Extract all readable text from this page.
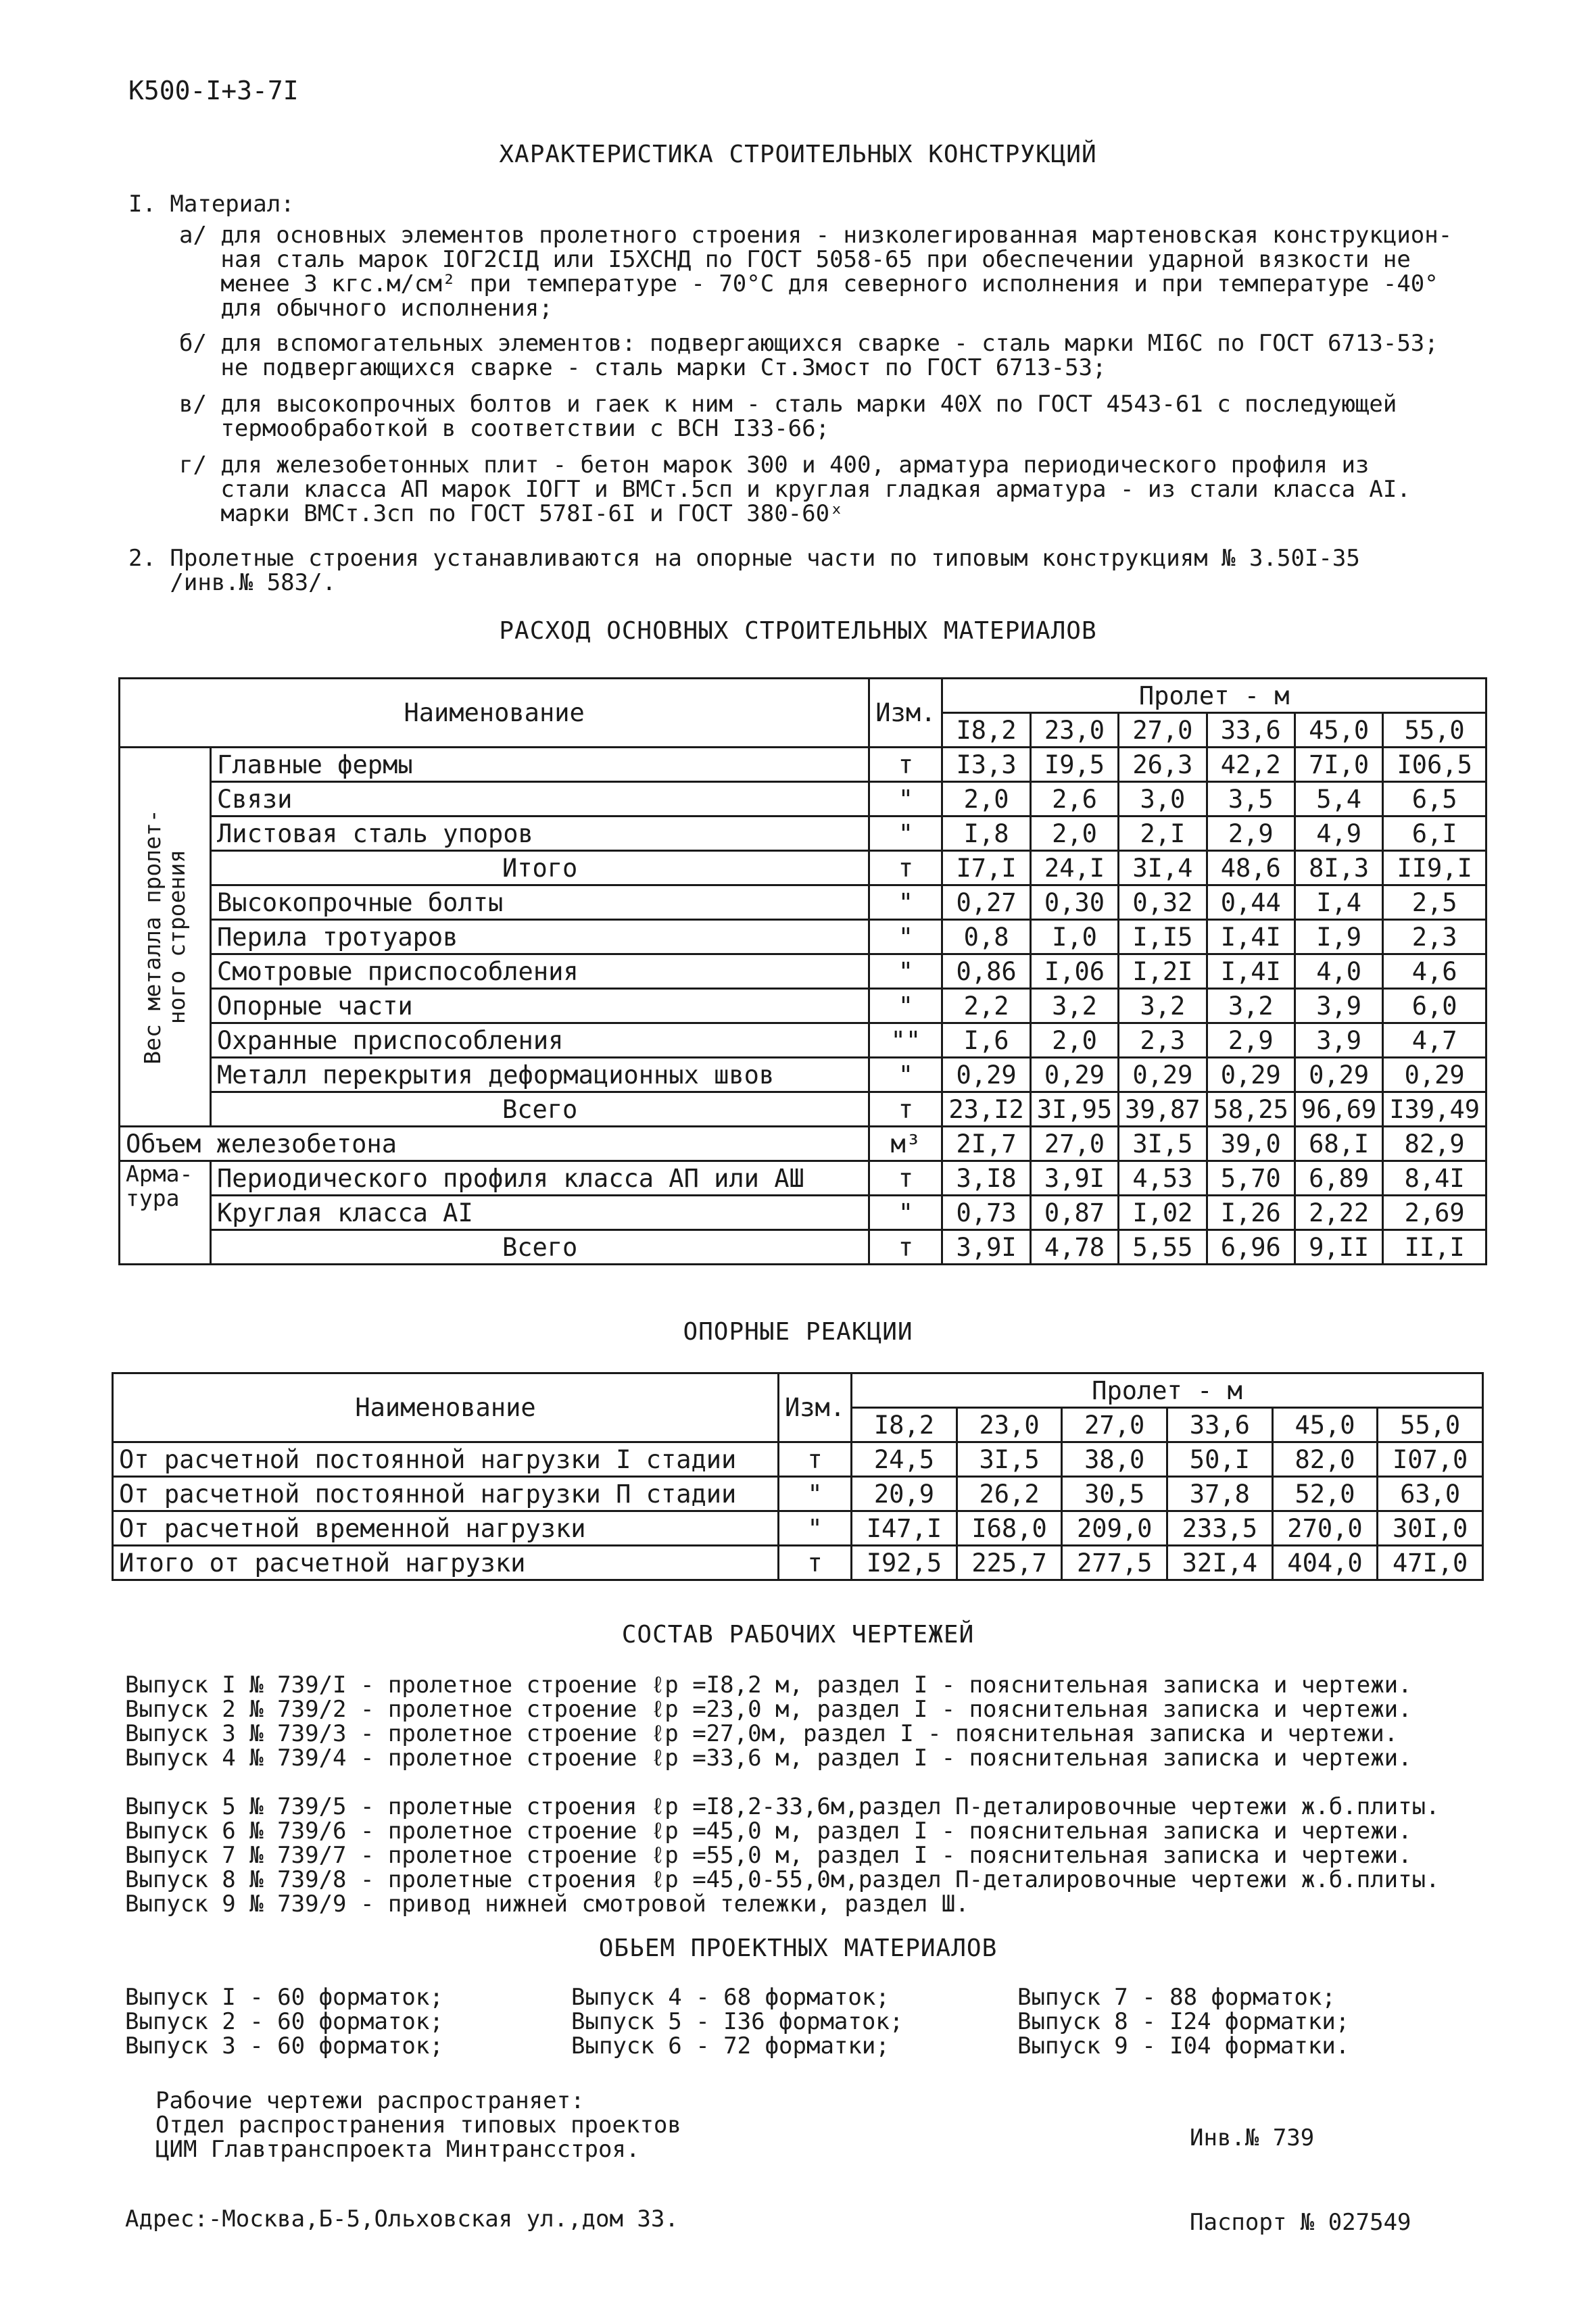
К500-I+3-7I
ХАРАКТЕРИСТИКА СТРОИТЕЛЬНЫХ КОНСТРУКЦИЙ
I. Материал:
а/ для основных элементов пролетного строения - низколегированная мартеновская конструкцион-
ная сталь марок IОГ2СIД или I5ХСНД по ГОСТ 5058-65 при обеспечении ударной вязкости не
менее 3 кгс.м/см² при температуре - 70°С для северного исполнения и при температуре -40°
для обычного исполнения;
б/ для вспомогательных элементов: подвергающихся сварке - сталь марки МI6С по ГОСТ 6713-53;
не подвергающихся сварке - сталь марки Ст.3мост по ГОСТ 6713-53;
в/ для высокопрочных болтов и гаек к ним - сталь марки 40Х по ГОСТ 4543-61 с последующей
термообработкой в соответствии с ВСН I33-66;
г/ для железобетонных плит - бетон марок 300 и 400, арматура периодического профиля из
стали класса АП марок IОГТ и ВМСт.5сп и круглая гладкая арматура - из стали класса АI.
марки ВМСт.3сп по ГОСТ 578I-6I и ГОСТ 380-60ˣ
2. Пролетные строения устанавливаются на опорные части по типовым конструкциям № 3.50I-35
/инв.№ 583/.
РАСХОД ОСНОВНЫХ СТРОИТЕЛЬНЫХ МАТЕРИАЛОВ
Наименование		Изм.	Пролет - м					
			I8,2	23,0	27,0	33,6	45,0	55,0

Вес металла пролет-
ного строения	Главные фермы	т	I3,3	I9,5	26,3	42,2	7I,0	I06,5
	Связи	"	2,0	2,6	3,0	3,5	5,4	6,5
	Листовая сталь упоров	"	I,8	2,0	2,I	2,9	4,9	6,I
	Итого	т	I7,I	24,I	3I,4	48,6	8I,3	II9,I
	Высокопрочные болты	"	0,27	0,30	0,32	0,44	I,4	2,5
	Перила тротуаров	"	0,8	I,0	I,I5	I,4I	I,9	2,3
	Смотровые приспособления	"	0,86	I,06	I,2I	I,4I	4,0	4,6
	Опорные части	"	2,2	3,2	3,2	3,2	3,9	6,0
	Охранные приспособления	""	I,6	2,0	2,3	2,9	3,9	4,7
	Металл перекрытия деформационных швов	"	0,29	0,29	0,29	0,29	0,29	0,29
	Всего	т	23,I2	3I,95	39,87	58,25	96,69	I39,49
Объем железобетона		м³	2I,7	27,0	3I,5	39,0	68,I	82,9
Арма-
тура	Периодического профиля класса АП или АШ	т	3,I8	3,9I	4,53	5,70	6,89	8,4I
	Круглая класса АI	"	0,73	0,87	I,02	I,26	2,22	2,69
	Всего	т	3,9I	4,78	5,55	6,96	9,II	II,I
ОПОРНЫЕ РЕАКЦИИ
Наименование	Изм.	Пролет - м					
		I8,2	23,0	27,0	33,6	45,0	55,0
От расчетной постоянной нагрузки I стадии	т	24,5	3I,5	38,0	50,I	82,0	I07,0
От расчетной постоянной нагрузки П стадии	"	20,9	26,2	30,5	37,8	52,0	63,0
От расчетной временной нагрузки	"	I47,I	I68,0	209,0	233,5	270,0	30I,0
Итого от расчетной нагрузки	т	I92,5	225,7	277,5	32I,4	404,0	47I,0
СОСТАВ РАБОЧИХ ЧЕРТЕЖЕЙ
Выпуск I № 739/I - пролетное строение ℓр =I8,2 м, раздел I - пояснительная записка и чертежи.
Выпуск 2 № 739/2 - пролетное строение ℓр =23,0 м, раздел I - пояснительная записка и чертежи.
Выпуск 3 № 739/3 - пролетное строение ℓр =27,0м, раздел I - пояснительная записка и чертежи.
Выпуск 4 № 739/4 - пролетное строение ℓр =33,6 м, раздел I - пояснительная записка и чертежи.
Выпуск 5 № 739/5 - пролетные строения ℓр =I8,2-33,6м,раздел П-деталировочные чертежи ж.б.плиты.
Выпуск 6 № 739/6 - пролетное строение ℓр =45,0 м, раздел I - пояснительная записка и чертежи.
Выпуск 7 № 739/7 - пролетное строение ℓр =55,0 м, раздел I - пояснительная записка и чертежи.
Выпуск 8 № 739/8 - пролетные строения ℓр =45,0-55,0м,раздел П-деталировочные чертежи ж.б.плиты.
Выпуск 9 № 739/9 - привод нижней смотровой тележки, раздел Ш.
ОБЬЕМ ПРОЕКТНЫХ МАТЕРИАЛОВ
Выпуск I - 60 форматок;	Выпуск 4 - 68 форматок;	Выпуск 7 - 88 форматок;
Выпуск 2 - 60 форматок;	Выпуск 5 - I36 форматок;	Выпуск 8 - I24 форматки;
Выпуск 3 - 60 форматок;	Выпуск 6 - 72 форматки;	Выпуск 9 - I04 форматки.
Рабочие чертежи распространяет:
Отдел распространения типовых проектов
ЦИМ Главтранспроекта Минтрансстроя.	Инв.№ 739
Адрес:-Москва,Б-5,Ольховская ул.,дом 33.	Паспорт № 027549
